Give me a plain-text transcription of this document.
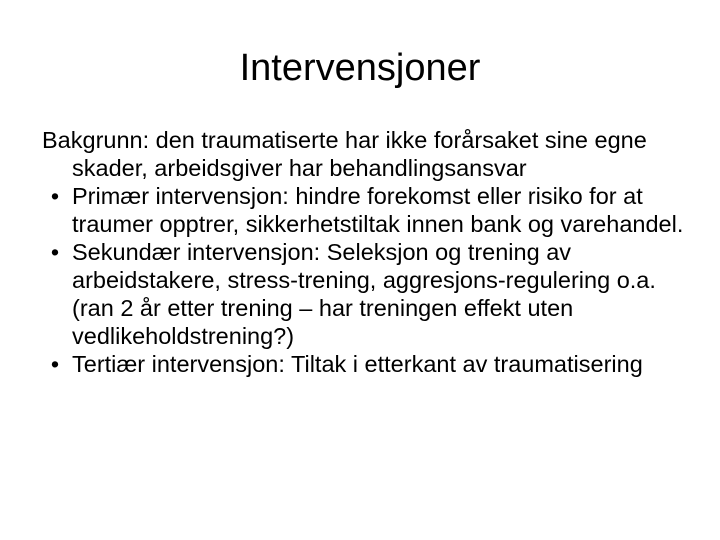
Intervensjoner

Bakgrunn: den traumatiserte har ikke forårsaket sine egne skader, arbeidsgiver har behandlingsansvar

• Primær intervensjon: hindre forekomst eller risiko for at traumer opptrer, sikkerhetstiltak innen bank og varehandel.

• Sekundær intervensjon: Seleksjon og trening av arbeidstakere, stress-trening, aggresjons-regulering o.a. (ran 2 år etter trening – har treningen effekt uten vedlikeholdstrening?)

• Tertiær intervensjon: Tiltak i etterkant av traumatisering
